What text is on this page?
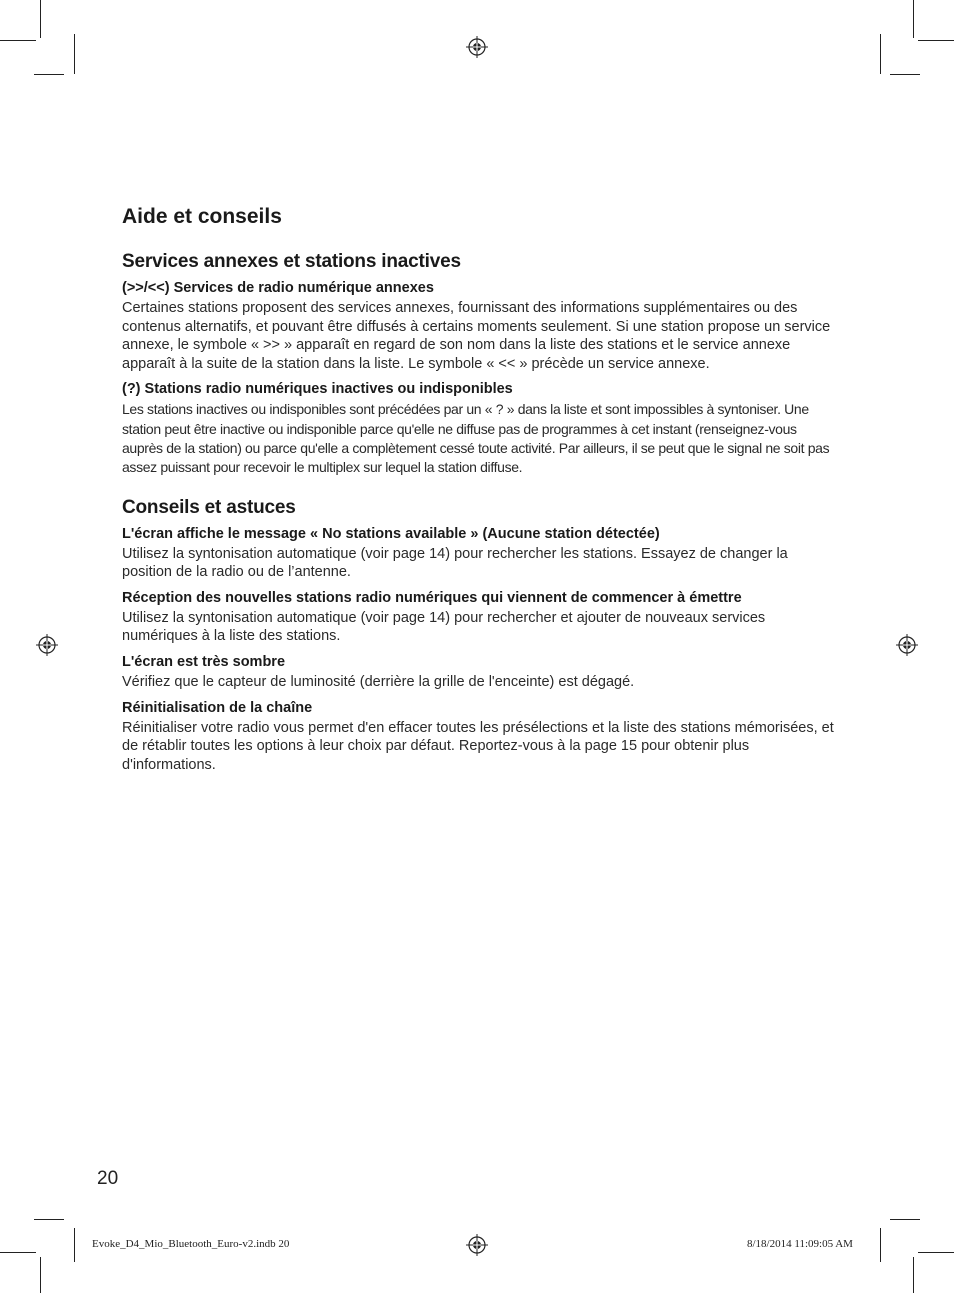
Aide et conseils
Services annexes et stations inactives
(>>/<<) Services de radio numérique annexes

Certaines stations proposent des services annexes, fournissant des informations supplémentaires ou des contenus alternatifs, et pouvant être diffusés à certains moments seulement. Si une station propose un service annexe, le symbole « >> » apparaît en regard de son nom dans la liste des stations et le service annexe apparaît à la suite de la station dans la liste. Le symbole « << » précède un service annexe.

(?) Stations radio numériques inactives ou indisponibles

Les stations inactives ou indisponibles sont précédées par un « ? » dans la liste et sont impossibles à syntoniser. Une station peut être inactive ou indisponible parce qu'elle ne diffuse pas de programmes à cet instant (renseignez-vous auprès de la station) ou parce qu'elle a complètement cessé toute activité. Par ailleurs, il se peut que le signal ne soit pas assez puissant pour recevoir le multiplex sur lequel la station diffuse.

Conseils et astuces
L'écran affiche le message « No stations available » (Aucune station détectée)

Utilisez la syntonisation automatique (voir page 14) pour rechercher les stations. Essayez de changer la position de la radio ou de l’antenne.

Réception des nouvelles stations radio numériques qui viennent de commencer à émettre

Utilisez la syntonisation automatique (voir page 14) pour rechercher et ajouter de nouveaux services numériques à la liste des stations.

L'écran est très sombre

Vérifiez que le capteur de luminosité (derrière la grille de l'enceinte) est dégagé.

Réinitialisation de la chaîne

Réinitialiser votre radio vous permet d'en effacer toutes les présélections et la liste des stations mémorisées, et de rétablir toutes les options à leur choix par défaut. Reportez-vous à la page 15 pour obtenir plus d'informations.

20
Evoke_D4_Mio_Bluetooth_Euro-v2.indb 20	8/18/2014 11:09:05 AM
